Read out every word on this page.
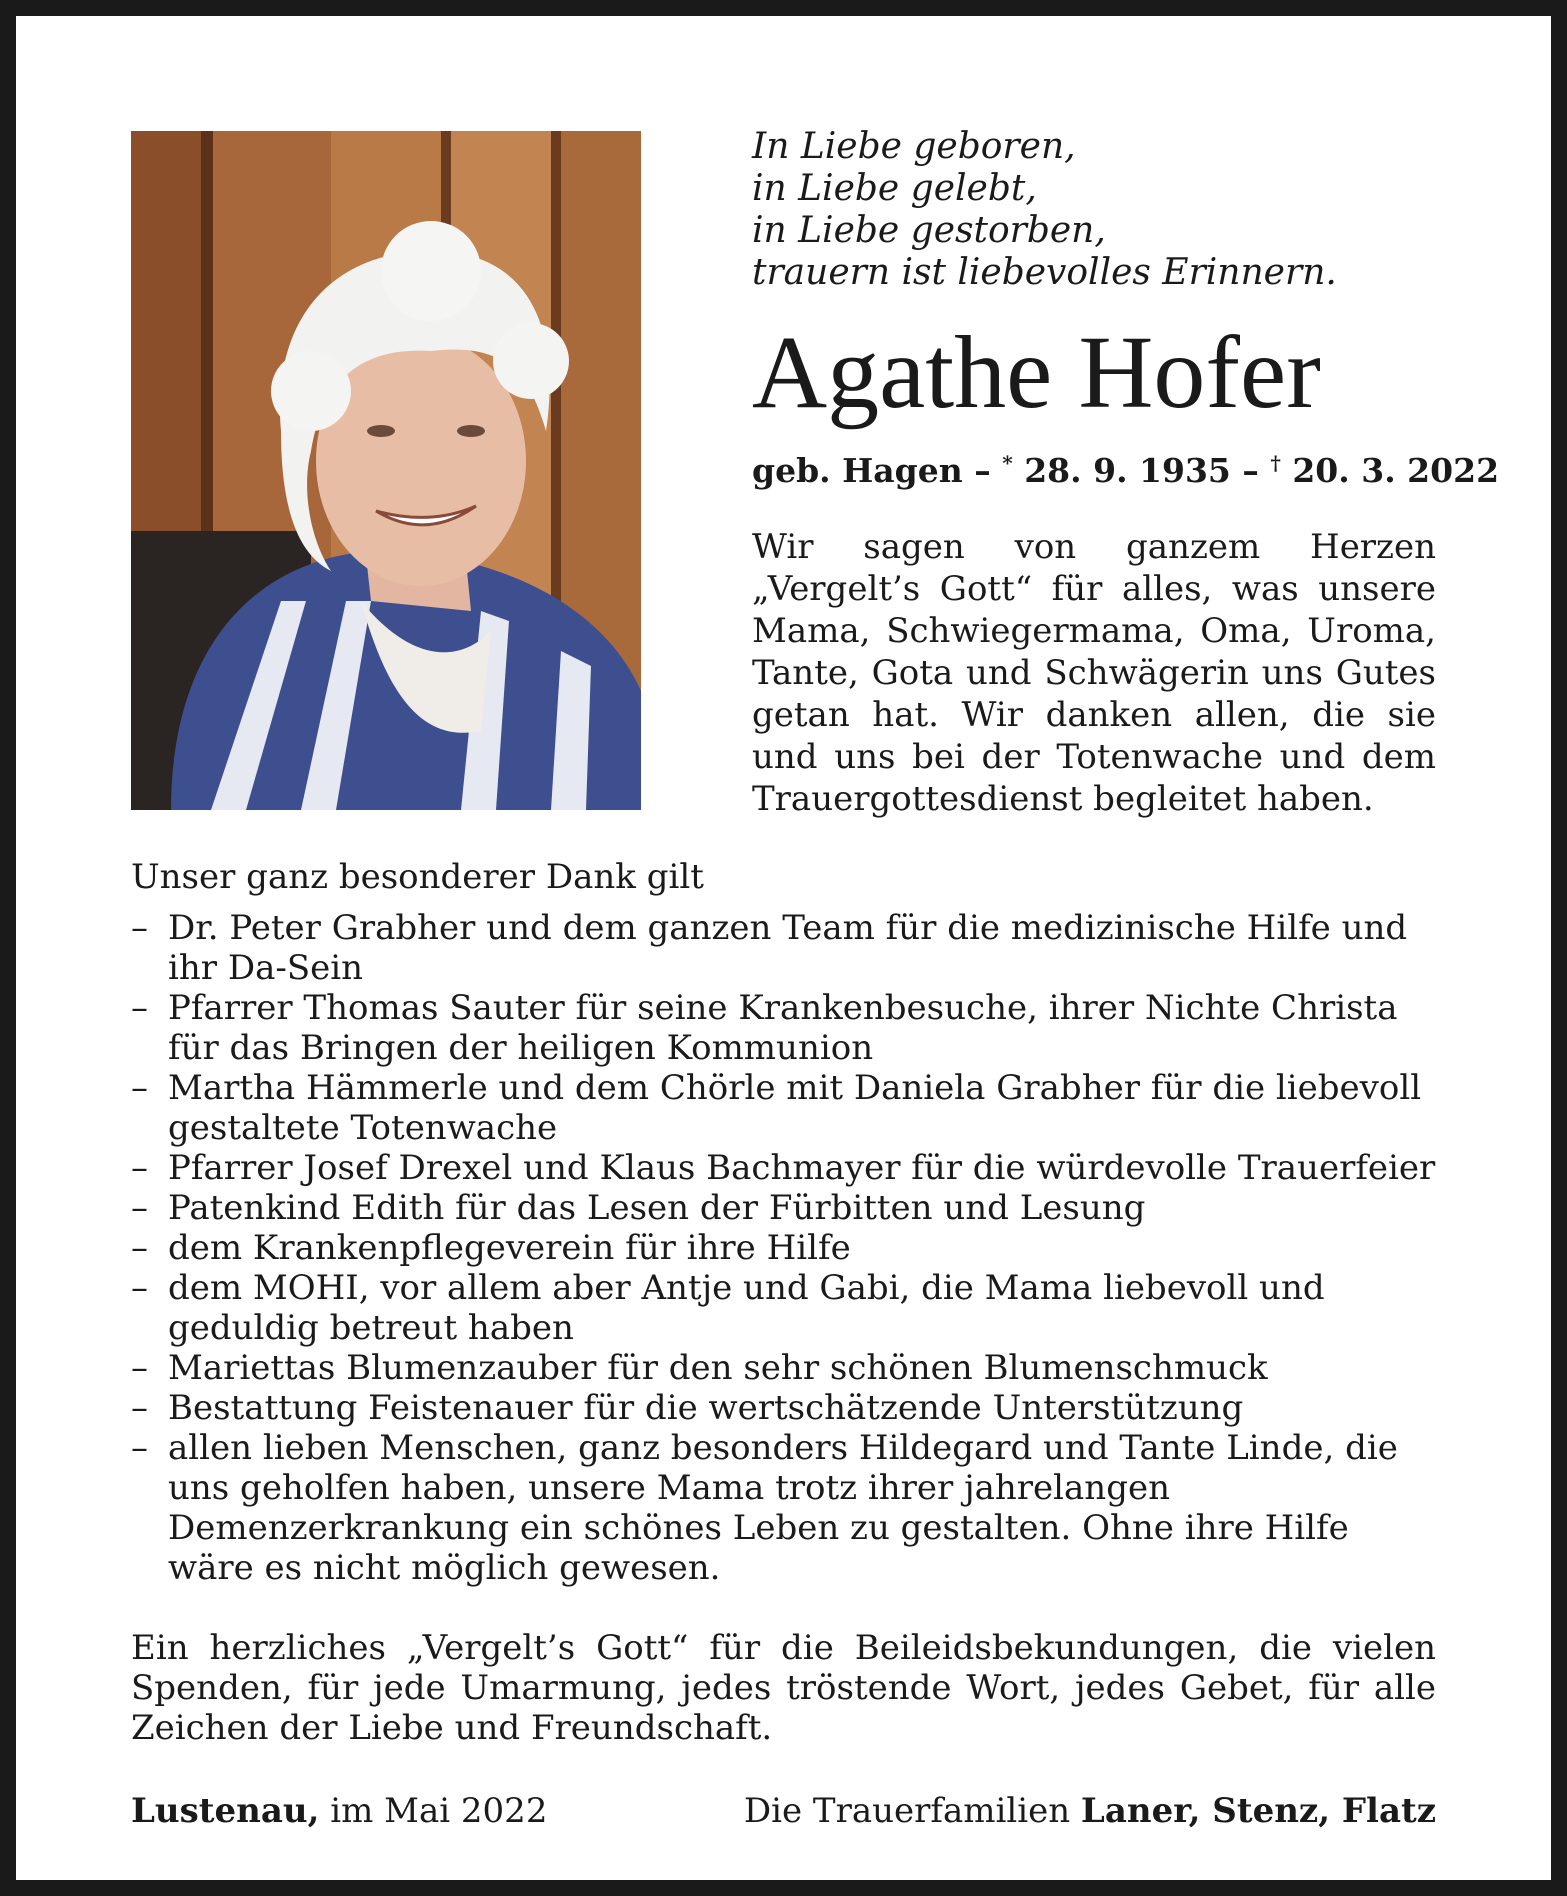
In Liebe geboren,
in Liebe gelebt,
in Liebe gestorben,
trauern ist liebevolles Erinnern.
Agathe Hofer
geb. Hagen – * 28. 9. 1935 – † 20. 3. 2022
Wir sagen von ganzem Herzen „Vergelt’s Gott“ für alles, was unsere Mama, Schwiegermama, Oma, Uroma, Tante, Gota und Schwägerin uns Gutes getan hat. Wir danken allen, die sie und uns bei der Totenwache und dem Trauergottesdienst begleitet haben.
Unser ganz besonderer Dank gilt
– Dr. Peter Grabher und dem ganzen Team für die medizinische Hilfe und ihr Da-Sein
– Pfarrer Thomas Sauter für seine Krankenbesuche, ihrer Nichte Christa für das Bringen der heiligen Kommunion
– Martha Hämmerle und dem Chörle mit Daniela Grabher für die liebevoll gestaltete Totenwache
– Pfarrer Josef Drexel und Klaus Bachmayer für die würdevolle Trauerfeier
– Patenkind Edith für das Lesen der Fürbitten und Lesung
– dem Krankenpflegeverein für ihre Hilfe
– dem MOHI, vor allem aber Antje und Gabi, die Mama liebevoll und geduldig betreut haben
– Mariettas Blumenzauber für den sehr schönen Blumenschmuck
– Bestattung Feistenauer für die wertschätzende Unterstützung
– allen lieben Menschen, ganz besonders Hildegard und Tante Linde, die uns geholfen haben, unsere Mama trotz ihrer jahrelangen Demenzerkrankung ein schönes Leben zu gestalten. Ohne ihre Hilfe wäre es nicht möglich gewesen.
Ein herzliches „Vergelt’s Gott“ für die Beileidsbekundungen, die vielen Spenden, für jede Umarmung, jedes tröstende Wort, jedes Gebet, für alle Zeichen der Liebe und Freundschaft.
Lustenau, im Mai 2022	Die Trauerfamilien Laner, Stenz, Flatz
